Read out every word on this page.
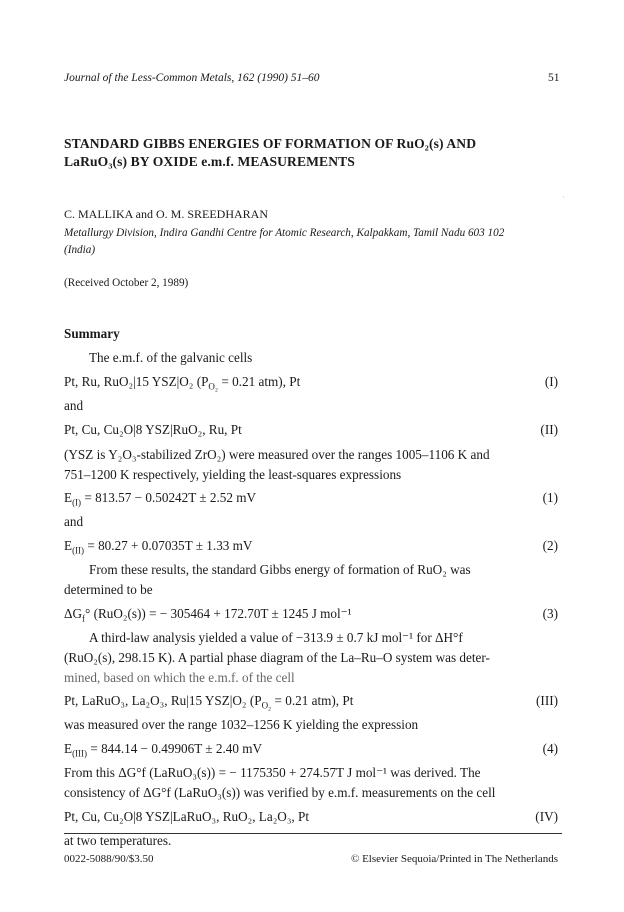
Journal of the Less-Common Metals, 162 (1990) 51–60	51
STANDARD GIBBS ENERGIES OF FORMATION OF RuO₂(s) AND
LaRuO₃(s) BY OXIDE e.m.f. MEASUREMENTS
·
C. MALLIKA and O. M. SREEDHARAN
Metallurgy Division, Indira Gandhi Centre for Atomic Research, Kalpakkam, Tamil Nadu 603 102
(India)
(Received October 2, 1989)
Summary
The e.m.f. of the galvanic cells
Pt, Ru, RuO₂|15 YSZ|O₂ ($P_{O_2} = 0.21$ atm), Pt	(I)
and
Pt, Cu, Cu₂O|8 YSZ|RuO₂, Ru, Pt	(II)
(YSZ is Y₂O₃-stabilized ZrO₂) were measured over the ranges 1005–1106 K and
751–1200 K respectively, yielding the least-squares expressions
$E_{(I)} = 813.57 - 0.50242T \pm 2.52$ mV	(1)
and
$E_{(II)} = 80.27 + 0.07035T \pm 1.33$ mV	(2)
From these results, the standard Gibbs energy of formation of RuO₂ was
determined to be
$\Delta G_f^\circ$ (RuO₂(s)) = − 305464 + 172.70T ± 1245 J mol⁻¹	(3)
A third-law analysis yielded a value of −313.9 ± 0.7 kJ mol⁻¹ for ΔH°f
(RuO₂(s), 298.15 K). A partial phase diagram of the La–Ru–O system was deter-
mined, based on which the e.m.f. of the cell
Pt, LaRuO₃, La₂O₃, Ru|15 YSZ|O₂ ($P_{O_2} = 0.21$ atm), Pt	(III)
was measured over the range 1032–1256 K yielding the expression
$E_{(III)} = 844.14 - 0.49906T \pm 2.40$ mV	(4)
From this ΔG°f (LaRuO₃(s)) = − 1175350 + 274.57T J mol⁻¹ was derived. The
consistency of ΔG°f (LaRuO₃(s)) was verified by e.m.f. measurements on the cell
Pt, Cu, Cu₂O|8 YSZ|LaRuO₃, RuO₂, La₂O₃, Pt	(IV)
at two temperatures.
0022-5088/90/$3.50	© Elsevier Sequoia/Printed in The Netherlands
